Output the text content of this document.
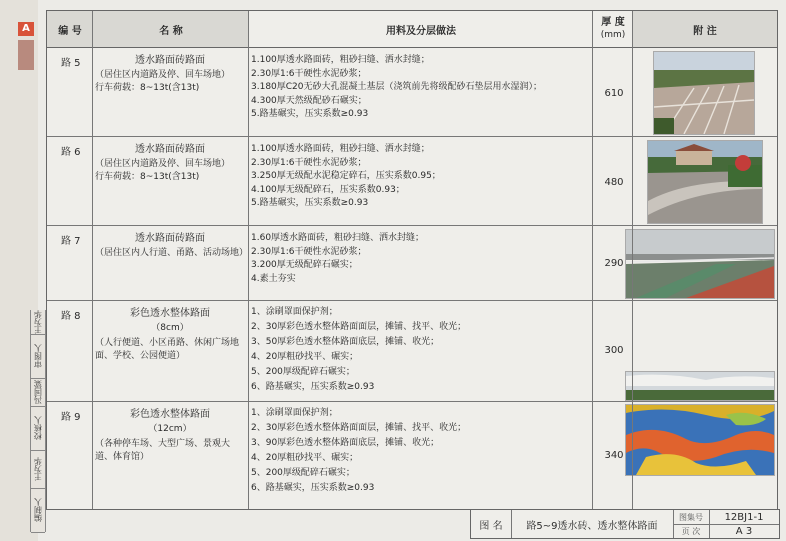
A
王为华
审图人
冯国粱
校核人
王为华
编制人
编 号	名 称	用料及分层做法
厚 度
(mm)	附 注
路 5	透水路面砖路面
（居住区内道路及停、回车场地）
行车荷载：8~13t(含13t)
1.100厚透水路面砖，粗砂扫缝、洒水封缝；
2.30厚1:6干硬性水泥砂浆；
3.180厚C20无砂大孔混凝土基层（浇筑前先将级配砂石垫层用水湿润）；
4.300厚天然级配砂石碾实；
5.路基碾实，压实系数≥0.93
610
路 6	透水路面砖路面
（居住区内道路及停、回车场地）
行车荷载：8~13t(含13t)
1.100厚透水路面砖，粗砂扫缝、洒水封缝；
2.30厚1:6干硬性水泥砂浆；
3.250厚无级配水泥稳定碎石，压实系数0.95；
4.100厚无级配碎石，压实系数0.93；
5.路基碾实，压实系数≥0.93
480
路 7	透水路面砖路面
（居住区内人行道、甬路、活动场地）
1.60厚透水路面砖，粗砂扫缝、洒水封缝；
2.30厚1:6干硬性水泥砂浆；
3.200厚无级配碎石碾实；
4.素土夯实
290
路 8	彩色透水整体路面
（8cm）
（人行便道、小区甬路、休闲广场地面、学校、公园便道）
1、涂刷罩面保护剂；
2、30厚彩色透水整体路面面层，摊铺、找平、收光；
3、50厚彩色透水整体路面底层，摊铺、收光；
4、20厚粗砂找平、碾实；
5、200厚级配碎石碾实；
6、路基碾实，压实系数≥0.93
300
路 9	彩色透水整体路面
（12cm）
（各种停车场、大型广场、景观大道、体育馆）
1、涂刷罩面保护剂；
2、30厚彩色透水整体路面面层，摊铺、找平、收光；
3、90厚彩色透水整体路面底层，摊铺、收光；
4、20厚粗砂找平、碾实；
5、200厚级配碎石碾实；
6、路基碾实，压实系数≥0.93
340
图 名	路5~9透水砖、透水整体路面
图集号	12BJ1-1
页 次	A 3
